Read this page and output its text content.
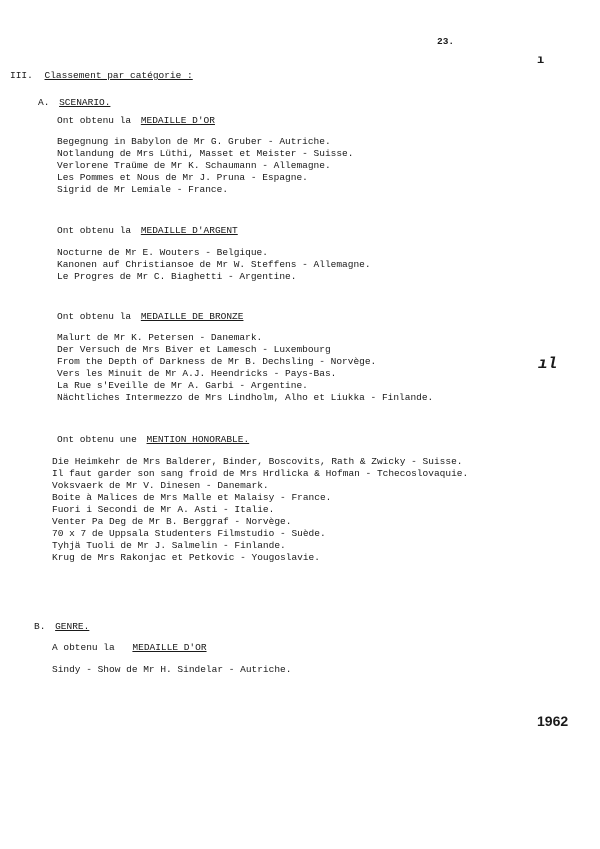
23.
ı
ıl
III. Classement par catégorie :
A. SCENARIO.
Ont obtenu la MEDAILLE D'OR
Begegnung in Babylon de Mr G. Gruber - Autriche.
Notlandung de Mrs Lüthi, Masset et Meister - Suisse.
Verlorene Traüme de Mr K. Schaumann - Allemagne.
Les Pommes et Nous de Mr J. Pruna - Espagne.
Sigrid de Mr Lemiale - France.
Ont obtenu la MEDAILLE D'ARGENT
Nocturne de Mr E. Wouters - Belgique.
Kanonen auf Christiansoe de Mr W. Steffens - Allemagne.
Le Progres de Mr C. Biaghetti - Argentine.
Ont obtenu la MEDAILLE DE BRONZE
Malurt de Mr K. Petersen - Danemark.
Der Versuch de Mrs Biver et Lamesch - Luxembourg
From the Depth of Darkness de Mr B. Dechsling - Norvège.
Vers les Minuit de Mr A.J. Heendricks - Pays-Bas.
La Rue s'Eveille de Mr A. Garbi - Argentine.
Nächtliches Intermezzo de Mrs Lindholm, Alho et Liukka - Finlande.
Ont obtenu une MENTION HONORABLE.
Die Heimkehr de Mrs Balderer, Binder, Boscovits, Rath & Zwicky - Suisse.
Il faut garder son sang froid de Mrs Hrdlicka & Hofman - Tchecoslovaquie.
Voksvaerk de Mr V. Dinesen - Danemark.
Boite à Malices de Mrs Malle et Malaisy - France.
Fuori i Secondi de Mr A. Asti - Italie.
Venter Pa Deg de Mr B. Berggraf - Norvège.
70 x 7 de Uppsala Studenters Filmstudio - Suède.
Tyhjä Tuoli de Mr J. Salmelin - Finlande.
Krug de Mrs Rakonjac et Petkovic - Yougoslavie.
B. GENRE.
A obtenu la MEDAILLE D'OR
Sindy - Show de Mr H. Sindelar - Autriche.
1962
